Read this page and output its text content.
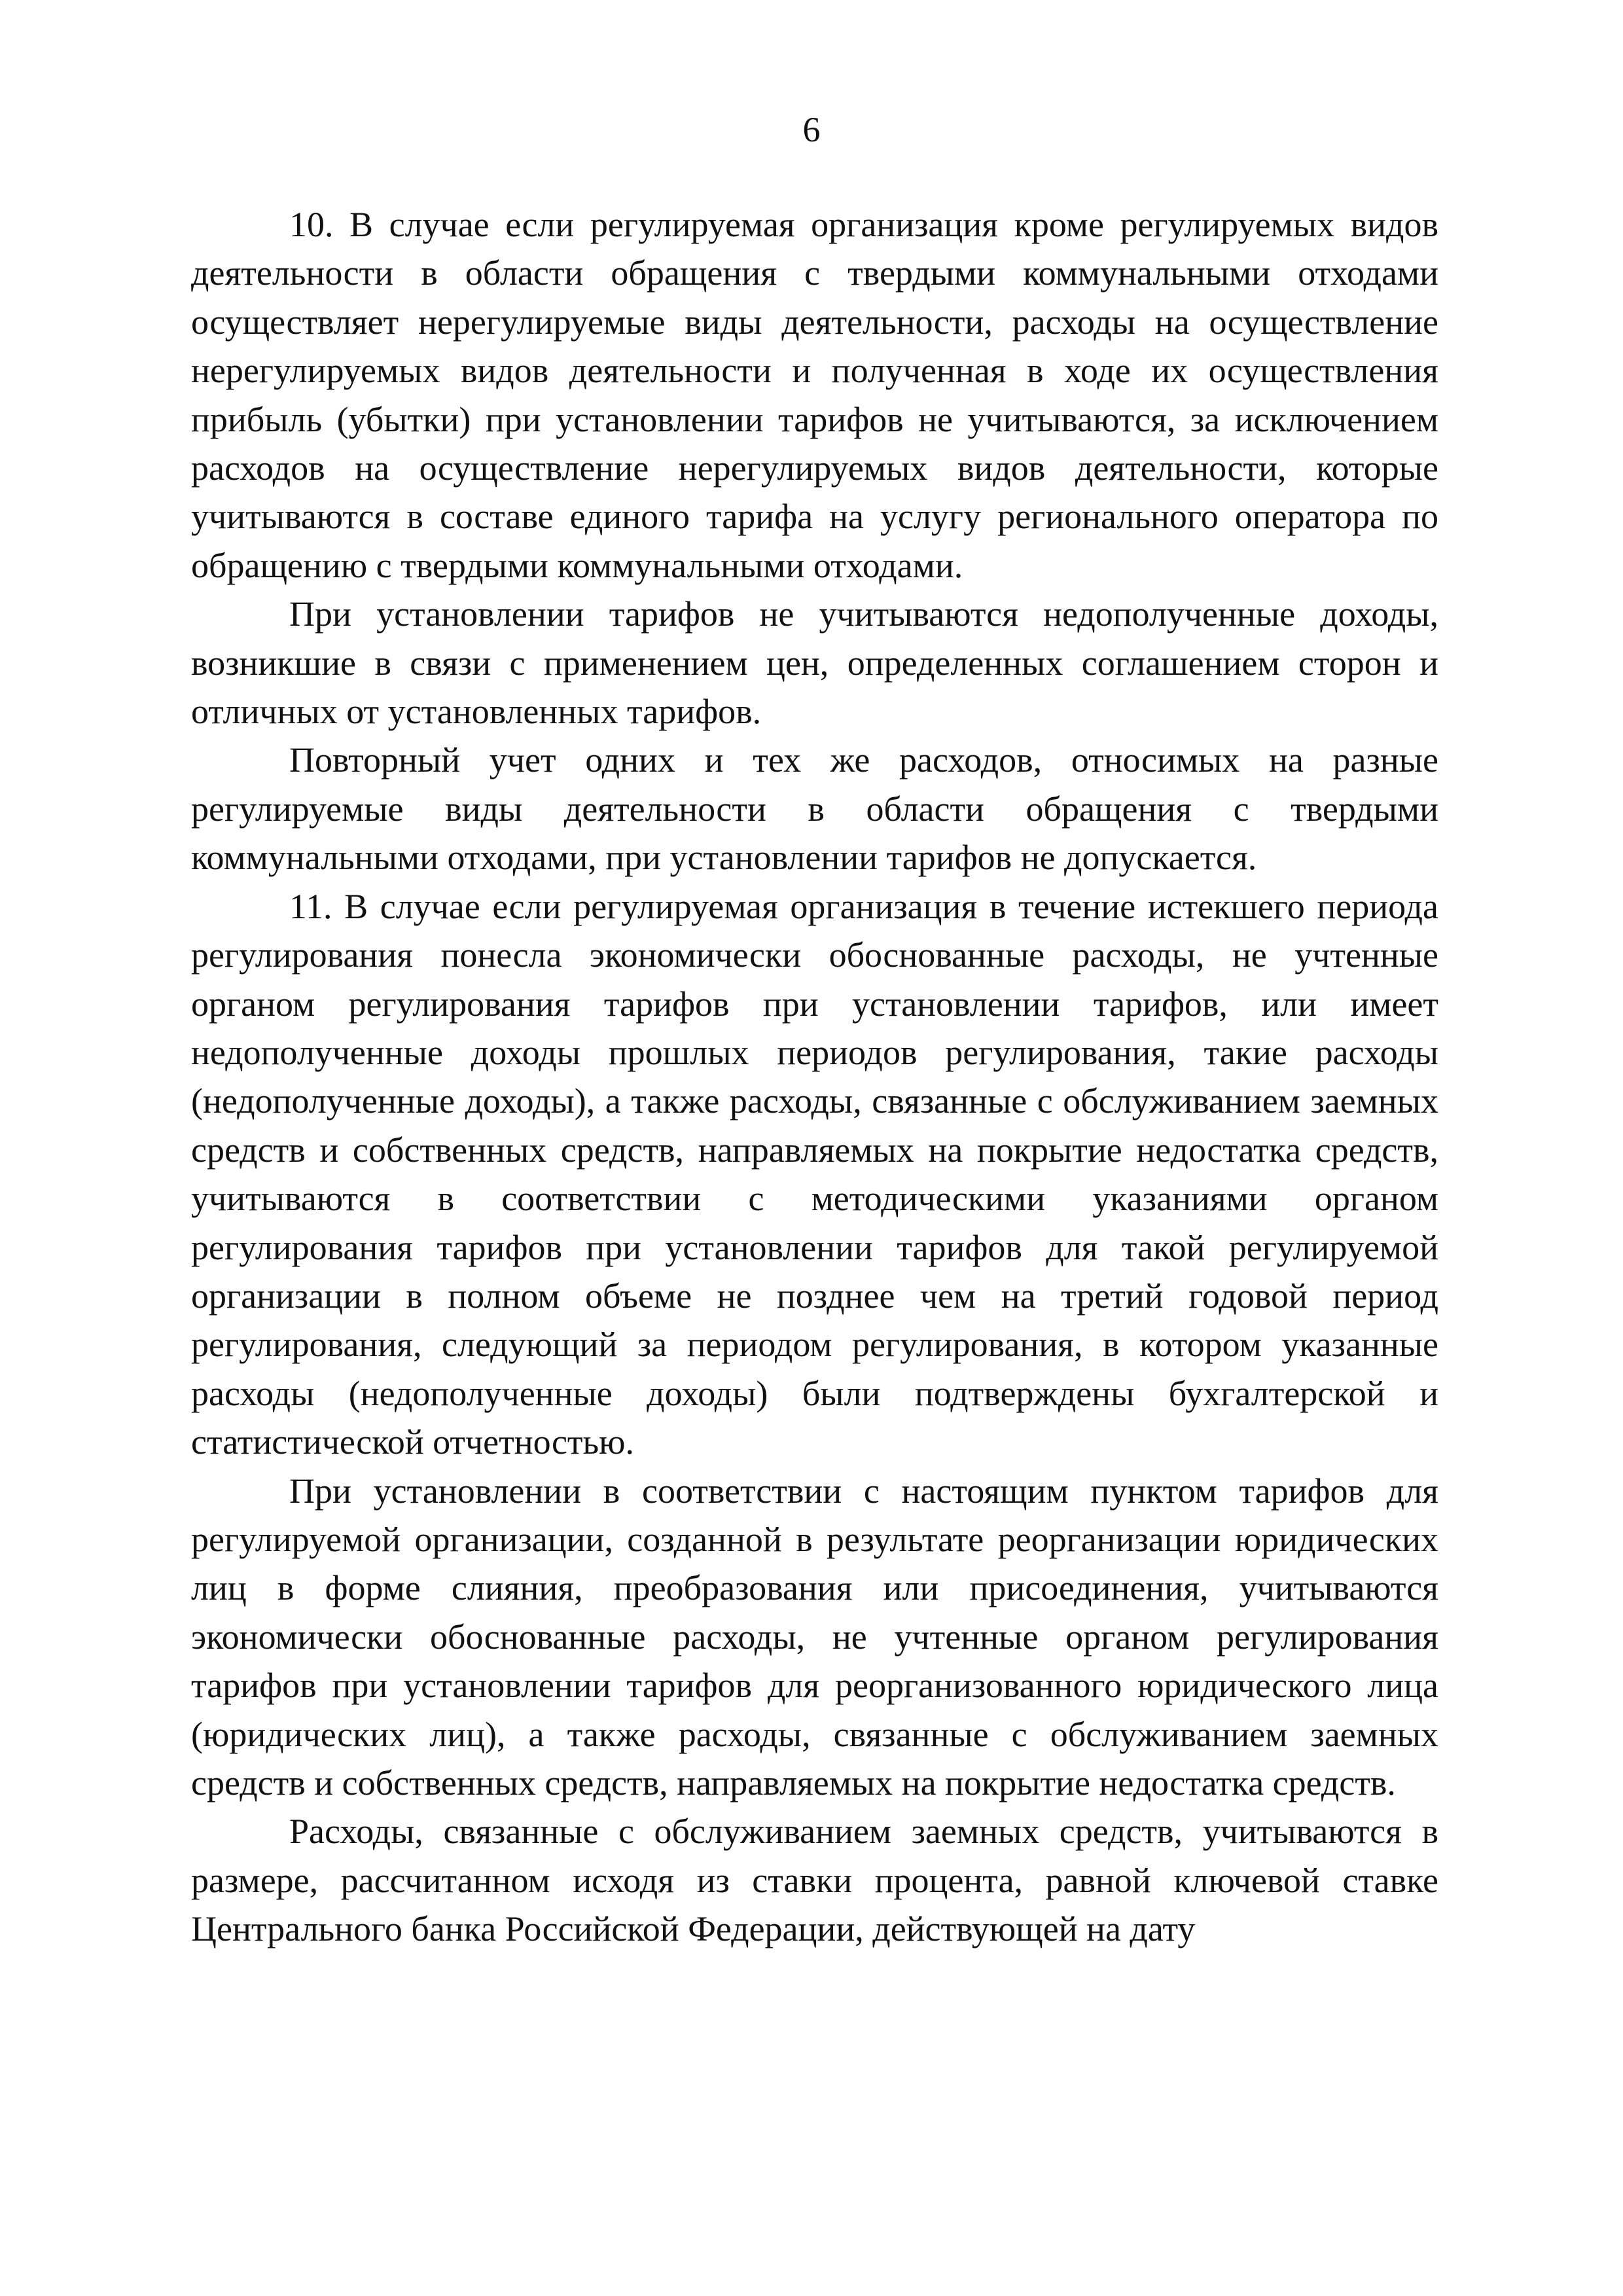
6

10. В случае если регулируемая организация кроме регулируемых видов деятельности в области обращения с твердыми коммунальными отходами осуществляет нерегулируемые виды деятельности, расходы на осуществление нерегулируемых видов деятельности и полученная в ходе их осуществления прибыль (убытки) при установлении тарифов не учитываются, за исключением расходов на осуществление нерегулируемых видов деятельности, которые учитываются в составе единого тарифа на услугу регионального оператора по обращению с твердыми коммунальными отходами.

При установлении тарифов не учитываются недополученные доходы, возникшие в связи с применением цен, определенных соглашением сторон и отличных от установленных тарифов.

Повторный учет одних и тех же расходов, относимых на разные регулируемые виды деятельности в области обращения с твердыми коммунальными отходами, при установлении тарифов не допускается.

11. В случае если регулируемая организация в течение истекшего периода регулирования понесла экономически обоснованные расходы, не учтенные органом регулирования тарифов при установлении тарифов, или имеет недополученные доходы прошлых периодов регулирования, такие расходы (недополученные доходы), а также расходы, связанные с обслуживанием заемных средств и собственных средств, направляемых на покрытие недостатка средств, учитываются в соответствии с методическими указаниями органом регулирования тарифов при установлении тарифов для такой регулируемой организации в полном объеме не позднее чем на третий годовой период регулирования, следующий за периодом регулирования, в котором указанные расходы (недополученные доходы) были подтверждены бухгалтерской и статистической отчетностью.

При установлении в соответствии с настоящим пунктом тарифов для регулируемой организации, созданной в результате реорганизации юридических лиц в форме слияния, преобразования или присоединения, учитываются экономически обоснованные расходы, не учтенные органом регулирования тарифов при установлении тарифов для реорганизованного юридического лица (юридических лиц), а также расходы, связанные с обслуживанием заемных средств и собственных средств, направляемых на покрытие недостатка средств.

Расходы, связанные с обслуживанием заемных средств, учитываются в размере, рассчитанном исходя из ставки процента, равной ключевой ставке Центрального банка Российской Федерации, действующей на дату
